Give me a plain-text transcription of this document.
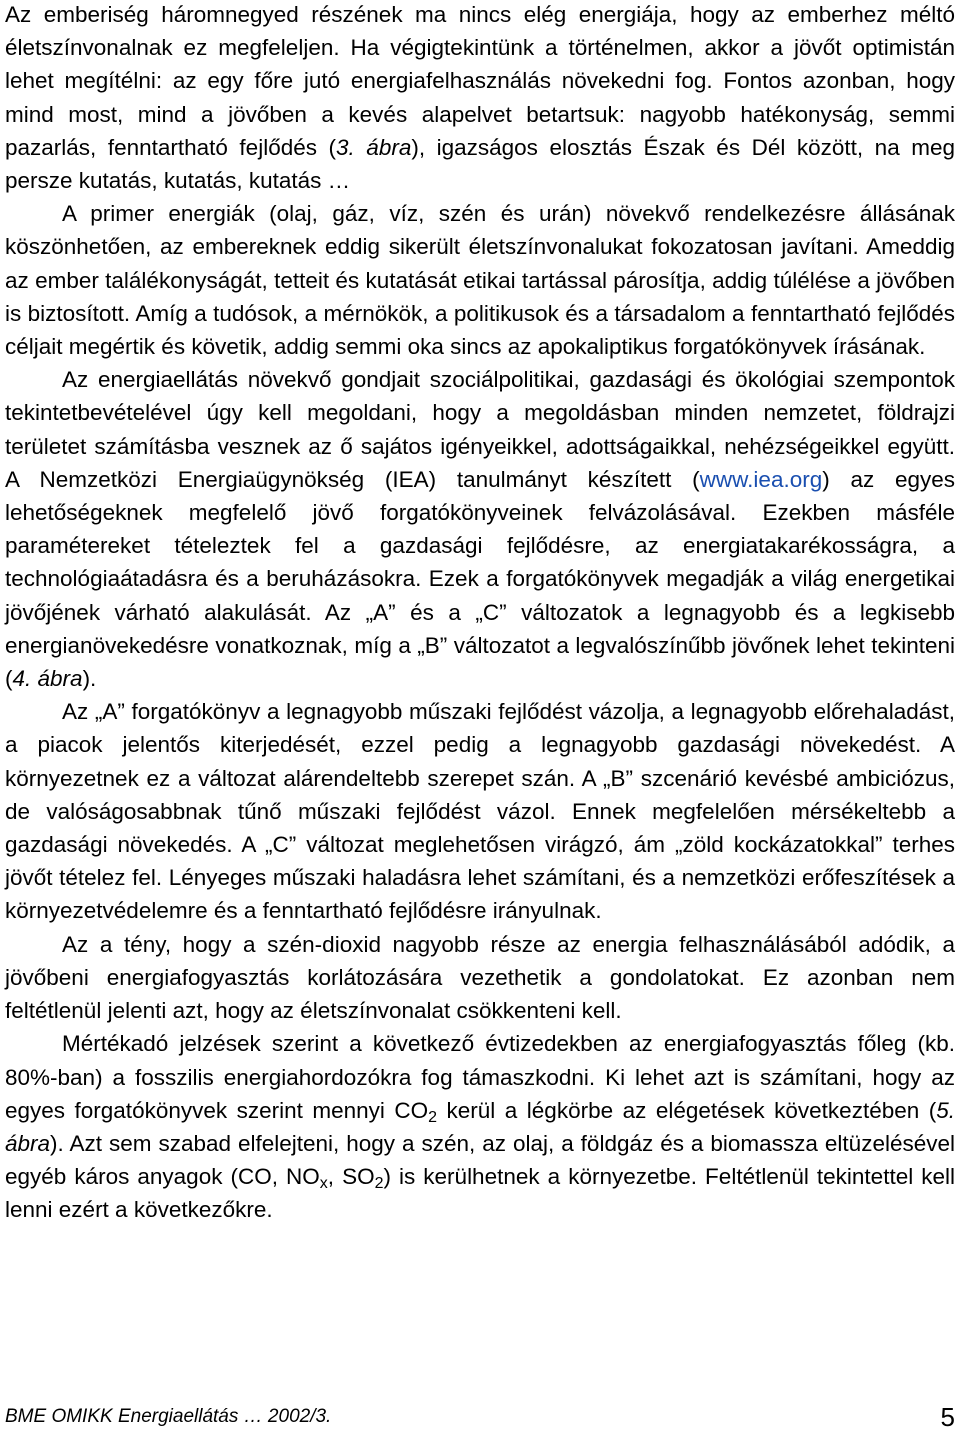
Az emberiség háromnegyed részének ma nincs elég energiája, hogy az emberhez méltó életszínvonalnak ez megfeleljen. Ha végigtekintünk a történelmen, akkor a jövőt optimistán lehet megítélni: az egy főre jutó energiafelhasználás növekedni fog. Fontos azonban, hogy mind most, mind a jövőben a kevés alapelvet betartsuk: nagyobb hatékonyság, semmi pazarlás, fenntartható fejlődés (3. ábra), igazságos elosztás Észak és Dél között, na meg persze kutatás, kutatás, kutatás …

A primer energiák (olaj, gáz, víz, szén és urán) növekvő rendelkezésre állásának köszönhetően, az embereknek eddig sikerült életszínvonalukat fokozatosan javítani. Ameddig az ember találékonyságát, tetteit és kutatását etikai tartással párosítja, addig túlélése a jövőben is biztosított. Amíg a tudósok, a mérnökök, a politikusok és a társadalom a fenntartható fejlődés céljait megértik és követik, addig semmi oka sincs az apokaliptikus forgatókönyvek írásának.

Az energiaellátás növekvő gondjait szociálpolitikai, gazdasági és ökológiai szempontok tekintetbevételével úgy kell megoldani, hogy a megoldásban minden nemzetet, földrajzi területet számításba vesznek az ő sajátos igényeikkel, adottságaikkal, nehézségeikkel együtt. A Nemzetközi Energiaügynökség (IEA) tanulmányt készített (www.iea.org) az egyes lehetőségeknek megfelelő jövő forgatókönyveinek felvázolásával. Ezekben másféle paramétereket tételeztek fel a gazdasági fejlődésre, az energiatakarékosságra, a technológiaátadásra és a beruházásokra. Ezek a forgatókönyvek megadják a világ energetikai jövőjének várható alakulását. Az „A” és a „C” változatok a legnagyobb és a legkisebb energianövekedésre vonatkoznak, míg a „B” változatot a legvalószínűbb jövőnek lehet tekinteni (4. ábra).

Az „A” forgatókönyv a legnagyobb műszaki fejlődést vázolja, a legnagyobb előrehaladást, a piacok jelentős kiterjedését, ezzel pedig a legnagyobb gazdasági növekedést. A környezetnek ez a változat alárendeltebb szerepet szán. A „B” szcenárió kevésbé ambiciózus, de valóságosabbnak tűnő műszaki fejlődést vázol. Ennek megfelelően mérsékeltebb a gazdasági növekedés. A „C” változat meglehetősen virágzó, ám „zöld kockázatokkal” terhes jövőt tételez fel. Lényeges műszaki haladásra lehet számítani, és a nemzetközi erőfeszítések a környezetvédelemre és a fenntartható fejlődésre irányulnak.

Az a tény, hogy a szén-dioxid nagyobb része az energia felhasználásából adódik, a jövőbeni energiafogyasztás korlátozására vezethetik a gondolatokat. Ez azonban nem feltétlenül jelenti azt, hogy az életszínvonalat csökkenteni kell.

Mértékadó jelzések szerint a következő évtizedekben az energiafogyasztás főleg (kb. 80%-ban) a fosszilis energiahordozókra fog támaszkodni. Ki lehet azt is számítani, hogy az egyes forgatókönyvek szerint mennyi $CO_2$ kerül a légkörbe az elégetések következtében (5. ábra). Azt sem szabad elfelejteni, hogy a szén, az olaj, a földgáz és a biomassza eltüzelésével egyéb káros anyagok (CO, $NO_x$, $SO_2$) is kerülhetnek a környezetbe. Feltétlenül tekintettel kell lenni ezért a következőkre.

BME OMIKK Energiaellátás … 2002/3.	5
